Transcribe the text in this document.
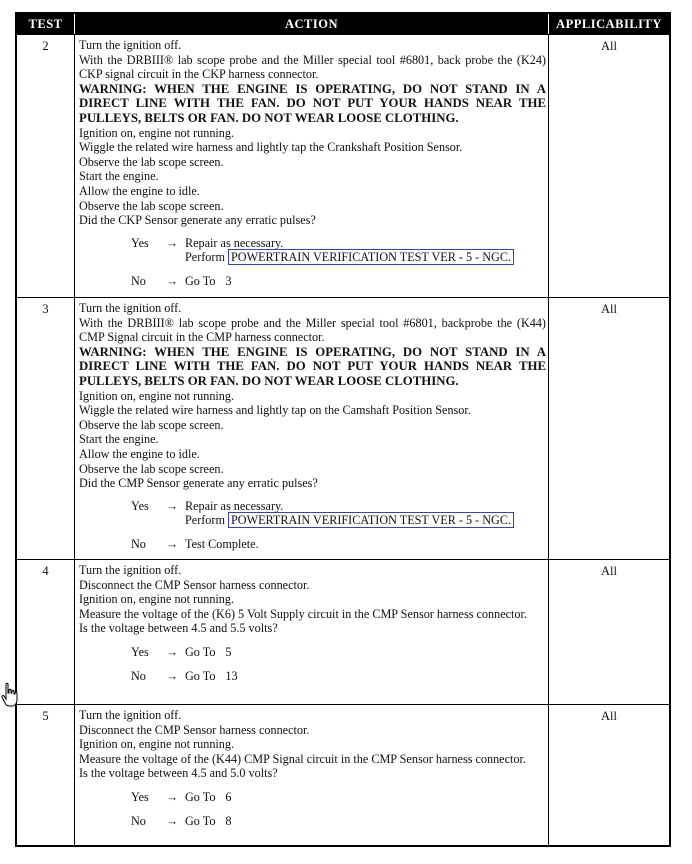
TEST	ACTION	APPLICABILITY
2	Turn the ignition off.
With the DRBIII® lab scope probe and the Miller special tool #6801, back probe the (K24) CKP signal circuit in the CKP harness connector.
WARNING: WHEN THE ENGINE IS OPERATING, DO NOT STAND IN A DIRECT LINE WITH THE FAN. DO NOT PUT YOUR HANDS NEAR THE PULLEYS, BELTS OR FAN. DO NOT WEAR LOOSE CLOTHING.
Ignition on, engine not running.
Wiggle the related wire harness and lightly tap the Crankshaft Position Sensor.
Observe the lab scope screen.
Start the engine.
Allow the engine to idle.
Observe the lab scope screen.
Did the CKP Sensor generate any erratic pulses?
Yes	→ Repair as necessary.
Perform POWERTRAIN VERIFICATION TEST VER - 5 - NGC.
No	→ Go To 3
All
3	Turn the ignition off.
With the DRBIII® lab scope probe and the Miller special tool #6801, backprobe the (K44) CMP Signal circuit in the CMP harness connector.
WARNING: WHEN THE ENGINE IS OPERATING, DO NOT STAND IN A DIRECT LINE WITH THE FAN. DO NOT PUT YOUR HANDS NEAR THE PULLEYS, BELTS OR FAN. DO NOT WEAR LOOSE CLOTHING.
Ignition on, engine not running.
Wiggle the related wire harness and lightly tap on the Camshaft Position Sensor.
Observe the lab scope screen.
Start the engine.
Allow the engine to idle.
Observe the lab scope screen.
Did the CMP Sensor generate any erratic pulses?
Yes	→ Repair as necessary.
Perform POWERTRAIN VERIFICATION TEST VER - 5 - NGC.
No	→ Test Complete.
All
4	Turn the ignition off.
Disconnect the CMP Sensor harness connector.
Ignition on, engine not running.
Measure the voltage of the (K6) 5 Volt Supply circuit in the CMP Sensor harness connector.
Is the voltage between 4.5 and 5.5 volts?
Yes	→ Go To 5
No	→ Go To 13
All
5	Turn the ignition off.
Disconnect the CMP Sensor harness connector.
Ignition on, engine not running.
Measure the voltage of the (K44) CMP Signal circuit in the CMP Sensor harness connector.
Is the voltage between 4.5 and 5.0 volts?
Yes	→ Go To 6
No	→ Go To 8
All
